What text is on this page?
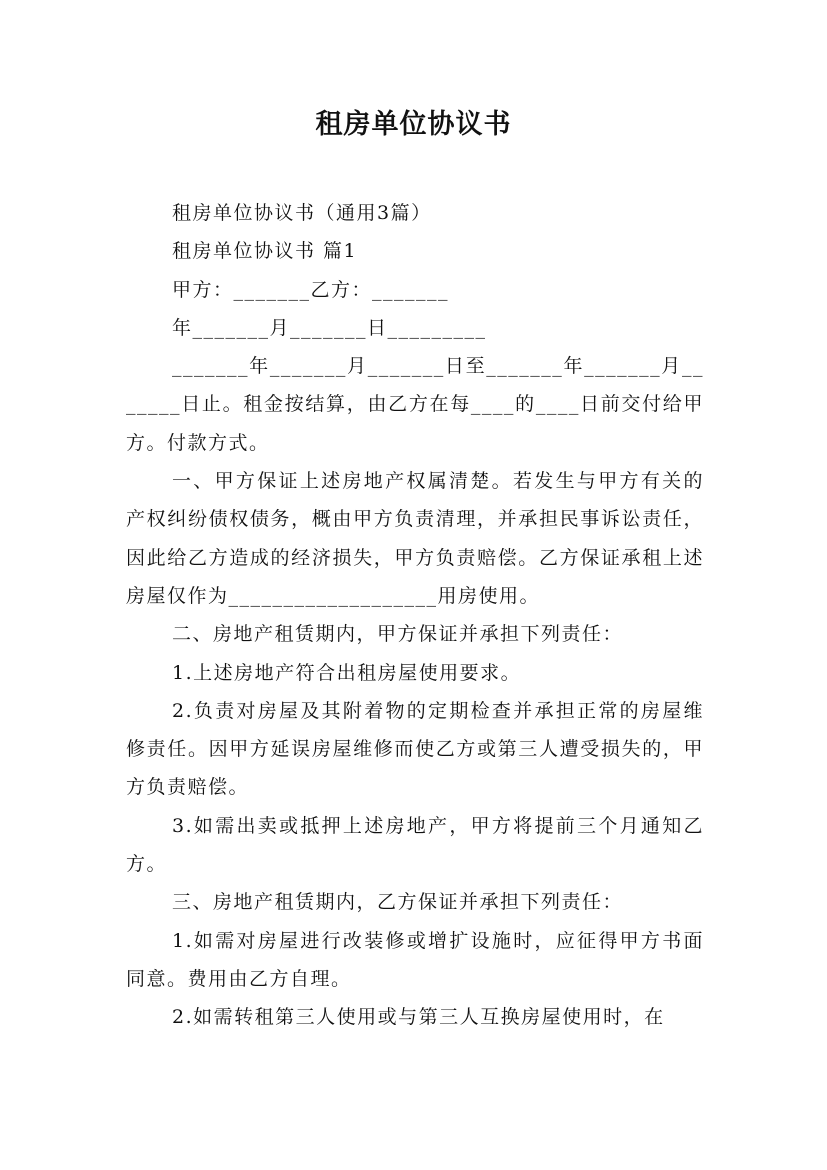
租房单位协议书

租房单位协议书（通用3篇）

租房单位协议书 篇1

甲方：_______乙方：_______

年_______月_______日_________

_______年_______月_______日至_______年_______月_______日止。租金按结算，由乙方在每____的____日前交付给甲方。付款方式。

一、甲方保证上述房地产权属清楚。若发生与甲方有关的产权纠纷债权债务，概由甲方负责清理，并承担民事诉讼责任，因此给乙方造成的经济损失，甲方负责赔偿。乙方保证承租上述房屋仅作为___________________用房使用。

二、房地产租赁期内，甲方保证并承担下列责任：

1.上述房地产符合出租房屋使用要求。

2.负责对房屋及其附着物的定期检查并承担正常的房屋维修责任。因甲方延误房屋维修而使乙方或第三人遭受损失的，甲方负责赔偿。

3.如需出卖或抵押上述房地产，甲方将提前三个月通知乙方。

三、房地产租赁期内，乙方保证并承担下列责任：

1.如需对房屋进行改装修或增扩设施时，应征得甲方书面同意。费用由乙方自理。

2.如需转租第三人使用或与第三人互换房屋使用时，在
